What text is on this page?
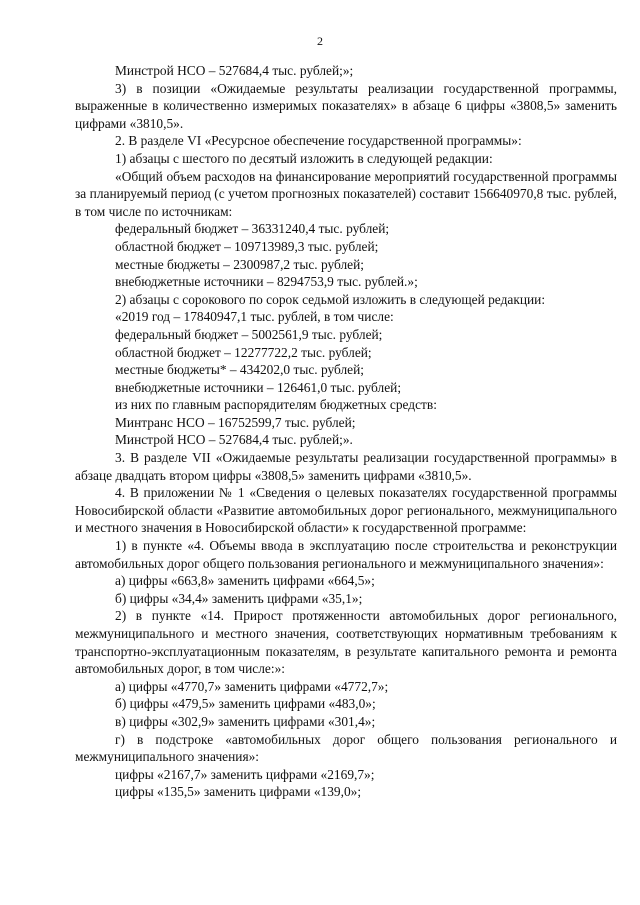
2

Минстрой НСО – 527684,4 тыс. рублей;»;

3) в позиции «Ожидаемые результаты реализации государственной программы, выраженные в количественно измеримых показателях» в абзаце 6 цифры «3808,5» заменить цифрами «3810,5».

2. В разделе VI «Ресурсное обеспечение государственной программы»:

1) абзацы с шестого по десятый изложить в следующей редакции:

«Общий объем расходов на финансирование мероприятий государственной программы за планируемый период (с учетом прогнозных показателей) составит 156640970,8 тыс. рублей, в том числе по источникам:

федеральный бюджет – 36331240,4 тыс. рублей;

областной бюджет – 109713989,3 тыс. рублей;

местные бюджеты – 2300987,2 тыс. рублей;

внебюджетные источники – 8294753,9 тыс. рублей.»;

2) абзацы с сорокового по сорок седьмой изложить в следующей редакции:

«2019 год – 17840947,1 тыс. рублей, в том числе:

федеральный бюджет – 5002561,9 тыс. рублей;

областной бюджет – 12277722,2 тыс. рублей;

местные бюджеты* – 434202,0 тыс. рублей;

внебюджетные источники – 126461,0 тыс. рублей;

из них по главным распорядителям бюджетных средств:

Минтранс НСО – 16752599,7 тыс. рублей;

Минстрой НСО – 527684,4 тыс. рублей;».

3. В разделе VII «Ожидаемые результаты реализации государственной программы» в абзаце двадцать втором цифры «3808,5» заменить цифрами «3810,5».

4. В приложении № 1 «Сведения о целевых показателях государственной программы Новосибирской области «Развитие автомобильных дорог регионального, межмуниципального и местного значения в Новосибирской области» к государственной программе:

1) в пункте «4. Объемы ввода в эксплуатацию после строительства и реконструкции автомобильных дорог общего пользования регионального и межмуниципального значения»:

а) цифры «663,8» заменить цифрами «664,5»;

б) цифры «34,4» заменить цифрами «35,1»;

2) в пункте «14. Прирост протяженности автомобильных дорог регионального, межмуниципального и местного значения, соответствующих нормативным требованиям к транспортно-эксплуатационным показателям, в результате капитального ремонта и ремонта автомобильных дорог, в том числе:»:

а) цифры «4770,7» заменить цифрами «4772,7»;

б) цифры «479,5» заменить цифрами «483,0»;

в) цифры «302,9» заменить цифрами «301,4»;

г) в подстроке «автомобильных дорог общего пользования регионального и межмуниципального значения»:

цифры «2167,7» заменить цифрами «2169,7»;

цифры «135,5» заменить цифрами «139,0»;
